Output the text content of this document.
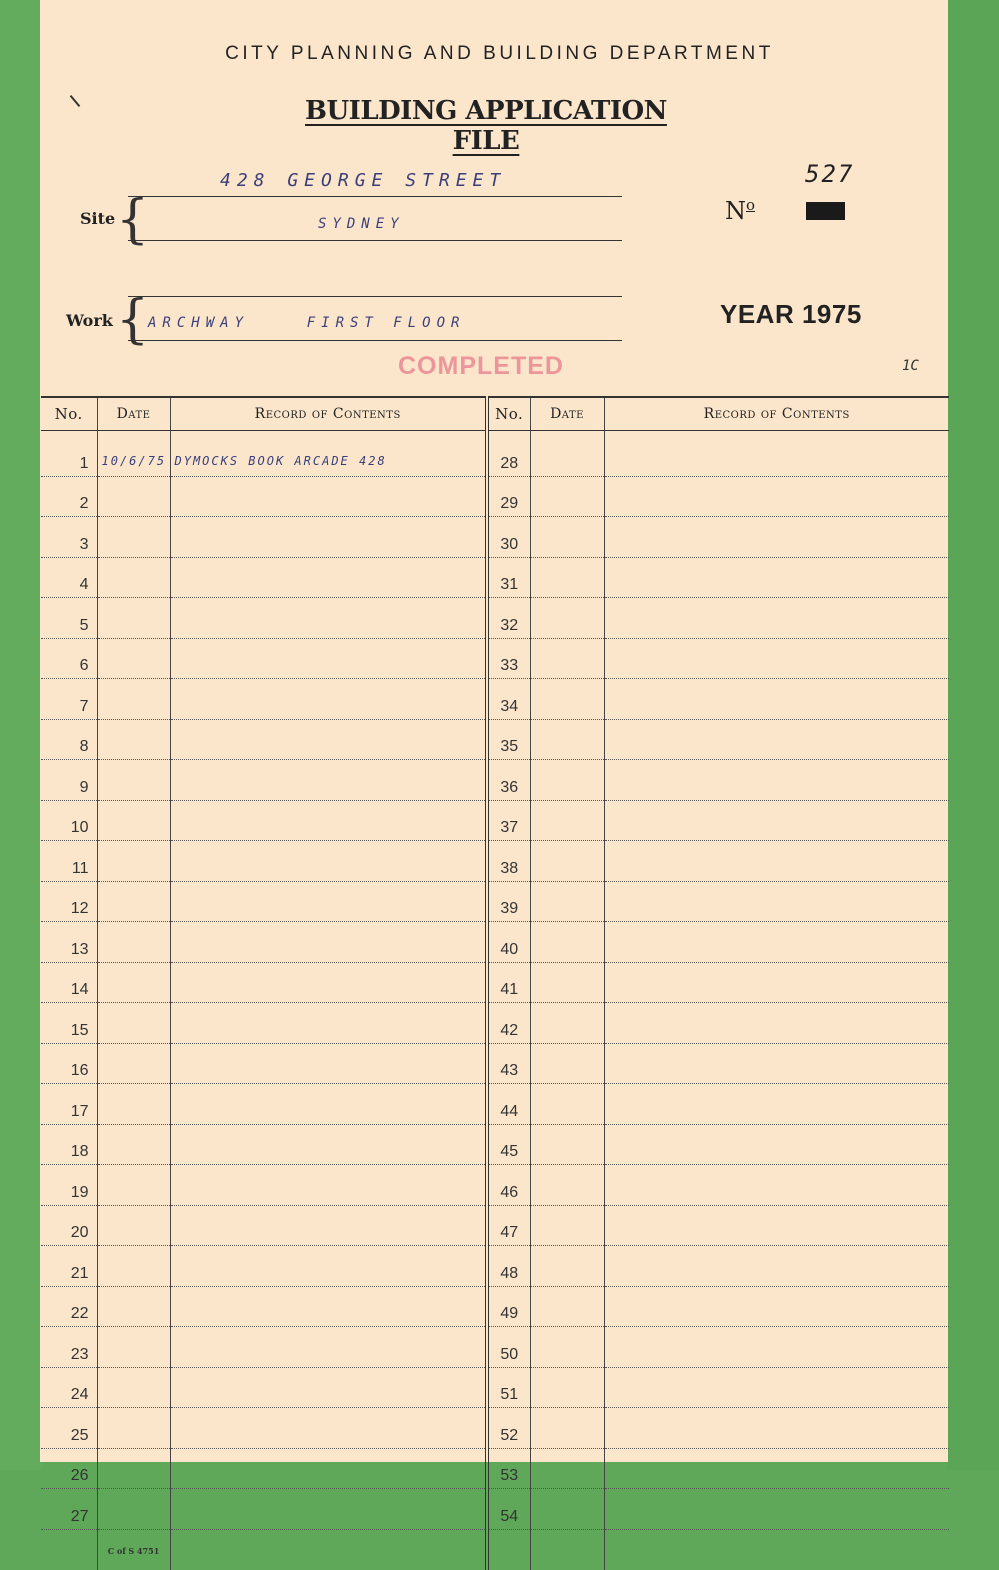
CITY PLANNING AND BUILDING DEPARTMENT
BUILDING APPLICATION FILE
Site {
428 GEORGE STREET
SYDNEY
527
$N^o$
Work {
ARCHWAY    FIRST FLOOR	YEAR 1975
COMPLETED	1C
No.	Date	Record of Contents	No.	Date	Record of Contents
1	10/6/75	DYMOCKS BOOK ARCADE 428	28		
2			29		
3			30		
4			31		
5			32		
6			33		
7			34		
8			35		
9			36		
10			37		
11			38		
12			39		
13			40		
14			41		
15			42		
16			43		
17			44		
18			45		
19			46		
20			47		
21			48		
22			49		
23			50		
24			51		
25			52		
26			53		
27			54		
	C of S 4751				
